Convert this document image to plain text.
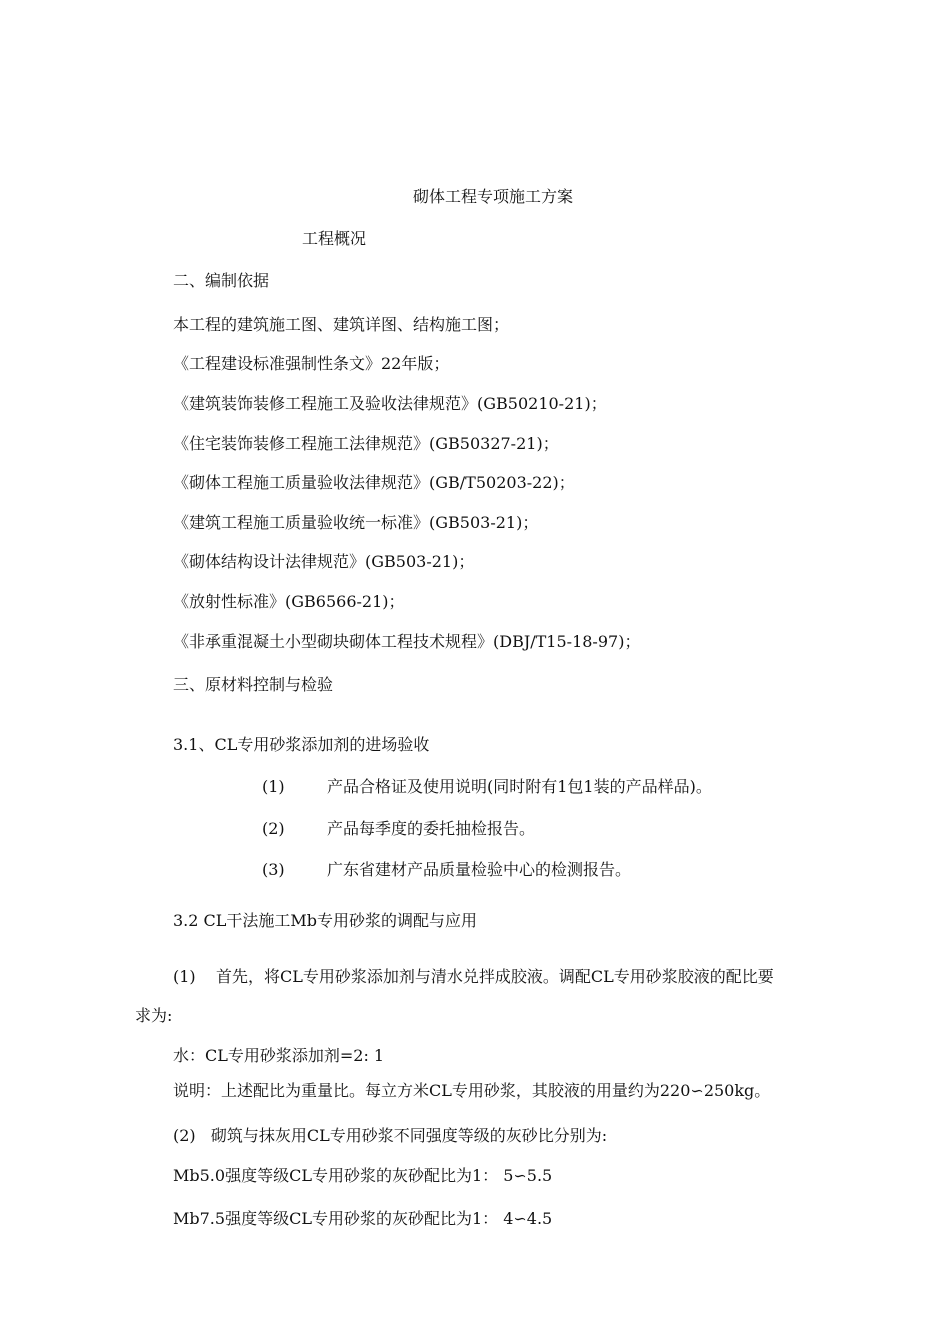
砌体工程专项施工方案
工程概况
二、编制依据
本工程的建筑施工图、建筑详图、结构施工图；
《工程建设标准强制性条文》22年版；
《建筑装饰装修工程施工及验收法律规范》(GB50210-21)；
《住宅装饰装修工程施工法律规范》(GB50327-21)；
《砌体工程施工质量验收法律规范》(GB/T50203-22)；
《建筑工程施工质量验收统一标准》(GB503-21)；
《砌体结构设计法律规范》(GB503-21)；
《放射性标准》(GB6566-21)；
《非承重混凝土小型砌块砌体工程技术规程》(DBJ/T15-18-97)；
三、原材料控制与检验
3.1、CL专用砂浆添加剂的进场验收
(1)	产品合格证及使用说明(同时附有1包1装的产品样品)。
(2)	产品每季度的委托抽检报告。
(3)	广东省建材产品质量检验中心的检测报告。
3.2 CL干法施工Mb专用砂浆的调配与应用
(1)    首先，将CL专用砂浆添加剂与清水兑拌成胶液。调配CL专用砂浆胶液的配比要
求为:
水：CL专用砂浆添加剂=2: 1
说明：上述配比为重量比。每立方米CL专用砂浆，其胶液的用量约为220∽250kg。
(2)   砌筑与抹灰用CL专用砂浆不同强度等级的灰砂比分别为:
Mb5.0强度等级CL专用砂浆的灰砂配比为1： 5∽5.5
Mb7.5强度等级CL专用砂浆的灰砂配比为1： 4∽4.5
